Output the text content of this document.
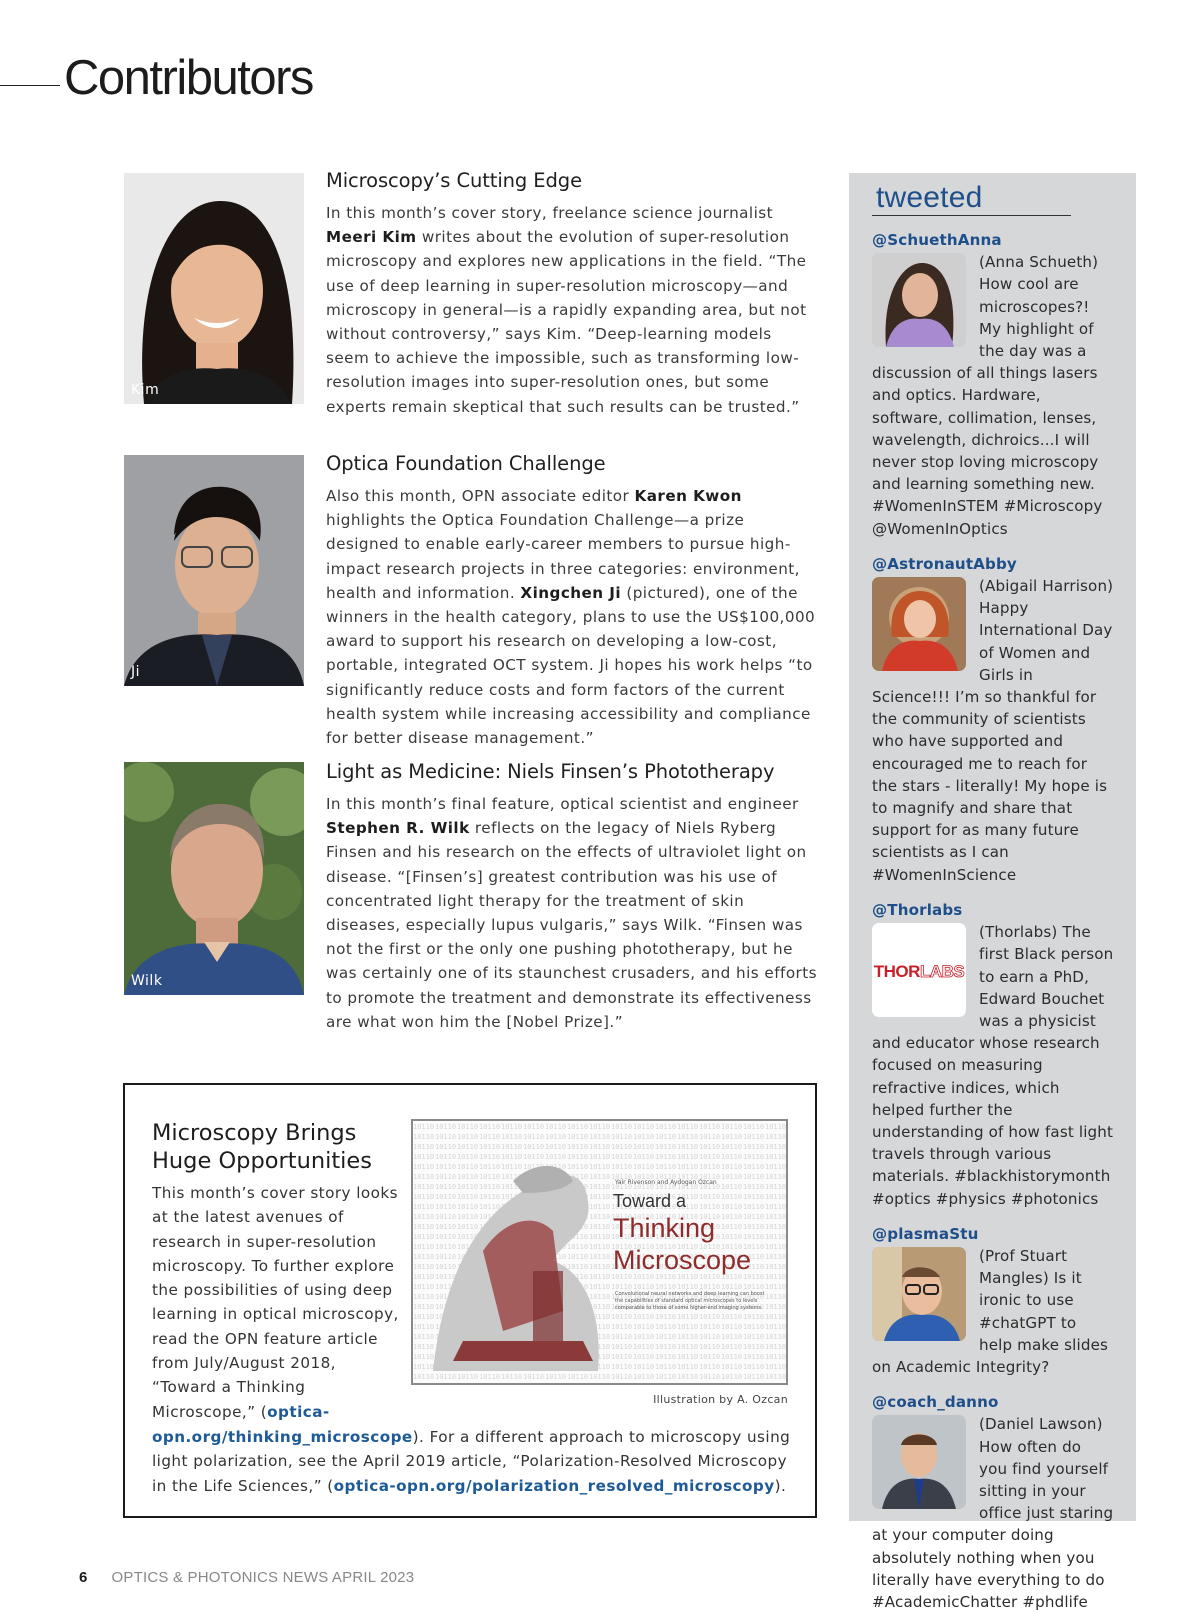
Contributors
Kim
Microscopy’s Cutting Edge

In this month’s cover story, freelance science journalist Meeri Kim writes about the evolution of super-resolution microscopy and explores new applications in the field. “The use of deep learning in super-resolution microscopy—and microscopy in general—is a rapidly expanding area, but not without controversy,” says Kim. “Deep-learning models seem to achieve the impossible, such as transforming low-resolution images into super-resolution ones, but some experts remain skeptical that such results can be trusted.”

Ji
Optica Foundation Challenge

Also this month, OPN associate editor Karen Kwon highlights the Optica Foundation Challenge—a prize designed to enable early-career members to pursue high-impact research projects in three categories: environment, health and information. Xingchen Ji (pictured), one of the winners in the health category, plans to use the US$100,000 award to support his research on developing a low-cost, portable, integrated OCT system. Ji hopes his work helps “to significantly reduce costs and form factors of the current health system while increasing accessibility and compliance for better disease management.”

Wilk
Light as Medicine: Niels Finsen’s Phototherapy

In this month’s final feature, optical scientist and engineer Stephen R. Wilk reflects on the legacy of Niels Ryberg Finsen and his research on the effects of ultraviolet light on disease. “[Finsen’s] greatest contribution was his use of concentrated light therapy for the treatment of skin diseases, especially lupus vulgaris,” says Wilk. “Finsen was not the first or the only one pushing phototherapy, but he was certainly one of its staunchest crusaders, and his efforts to promote the treatment and demonstrate its effectiveness are what won him the [Nobel Prize].”

Yair Rivenson and Aydogan Ozcan
Toward a
Thinking
Microscope
Convolutional neural networks and deep learning can boost the capabilities of standard optical microscopes to levels comparable to those of some higher-end imaging systems.
Illustration by A. Ozcan
Microscopy Brings
Huge Opportunities

This month’s cover story looks at the latest avenues of research in super-resolution microscopy. To further explore the possibilities of using deep learning in optical microscopy, read the OPN feature article from July/August 2018, “Toward a Thinking Microscope,” (optica-opn.org/thinking_microscope). For a different approach to microscopy using light polarization, see the April 2019 article, “Polarization-Resolved Microscopy in the Life Sciences,” (optica-opn.org/polarization_resolved_microscopy).

tweeted
@SchuethAnna
(Anna Schueth) How cool are microscopes?! My highlight of the day was a discussion of all things lasers and optics. Hardware, software, collimation, lenses, wavelength, dichroics...I will never stop loving microscopy and learning something new. #WomenInSTEM #Microscopy @WomenInOptics
@AstronautAbby
(Abigail Harrison) Happy International Day of Women and Girls in Science!!! I’m so thankful for the community of scientists who have supported and encouraged me to reach for the stars - literally! My hope is to magnify and share that support for as many future scientists as I can #WomenInScience
@Thorlabs
THORLABS
(Thorlabs) The first Black person to earn a PhD, Edward Bouchet was a physicist and educator whose research focused on measuring refractive indices, which helped further the understanding of how fast light travels through various materials. #blackhistorymonth #optics #physics #photonics
@plasmaStu
(Prof Stuart Mangles) Is it ironic to use #chatGPT to help make slides on Academic Integrity?
@coach_danno
(Daniel Lawson) How often do you find yourself sitting in your office just staring at your computer doing absolutely nothing when you literally have everything to do #AcademicChatter #phdlife
6 OPTICS & PHOTONICS NEWS APRIL 2023
